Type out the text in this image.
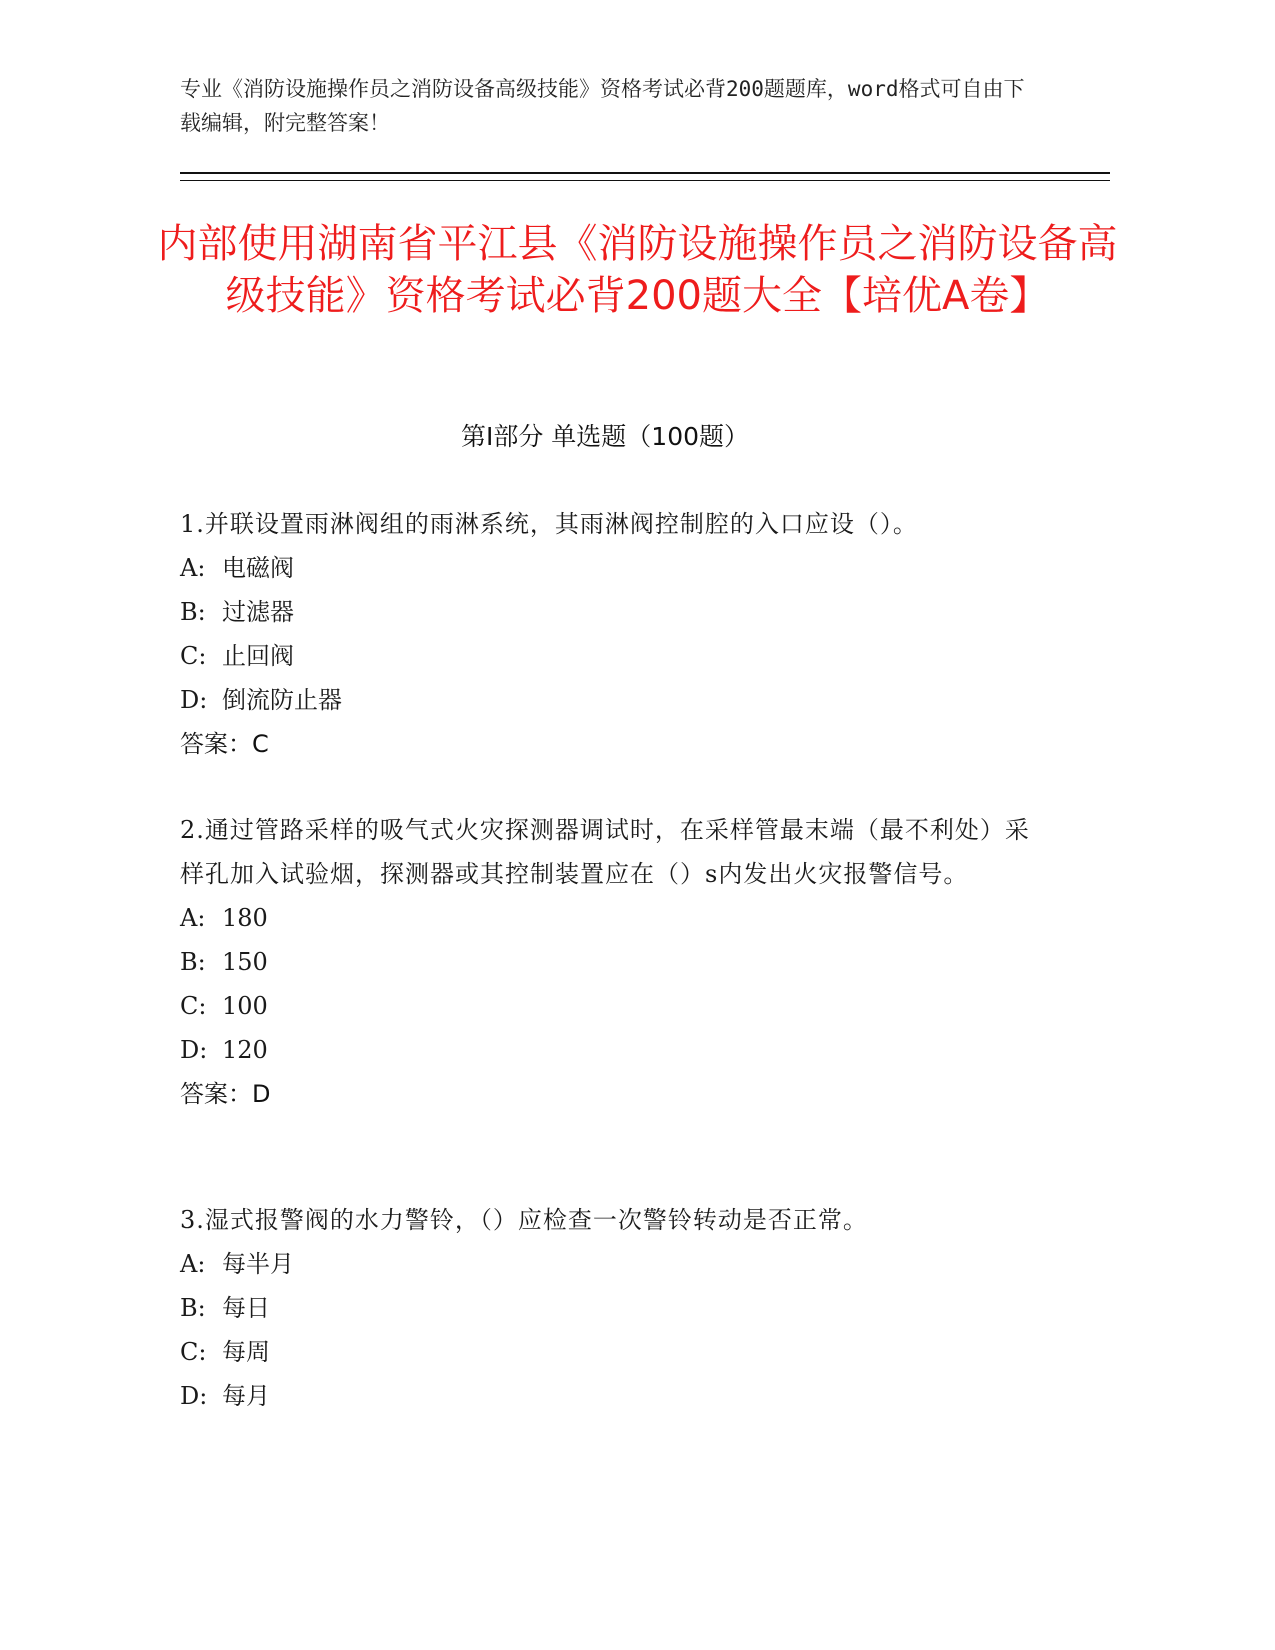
专业《消防设施操作员之消防设备高级技能》资格考试必背200题题库，word格式可自由下载编辑，附完整答案！
内部使用湖南省平江县《消防设施操作员之消防设备高级技能》资格考试必背200题大全【培优A卷】
第I部分 单选题（100题）
1.并联设置雨淋阀组的雨淋系统，其雨淋阀控制腔的入口应设（）。
A: 电磁阀
B: 过滤器
C: 止回阀
D: 倒流防止器
答案：C
2.通过管路采样的吸气式火灾探测器调试时，在采样管最末端（最不利处）采样孔加入试验烟，探测器或其控制装置应在（）s内发出火灾报警信号。
A: 180
B: 150
C: 100
D: 120
答案：D
3.湿式报警阀的水力警铃，（）应检查一次警铃转动是否正常。
A: 每半月
B: 每日
C: 每周
D: 每月
